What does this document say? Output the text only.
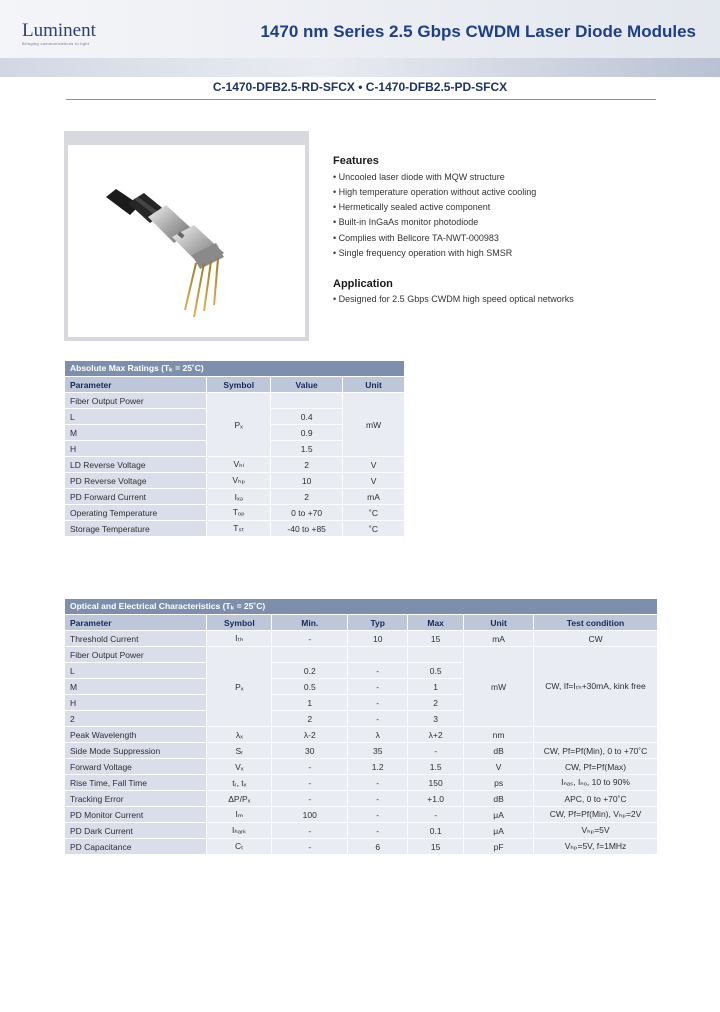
Luminent
Bringing communications to light
1470 nm Series 2.5 Gbps CWDM Laser Diode Modules
C-1470-DFB2.5-RD-SFCX • C-1470-DFB2.5-PD-SFCX
Features
• Uncooled laser diode with MQW structure
• High temperature operation without active cooling
• Hermetically sealed active component
• Built-in InGaAs monitor photodiode
• Complies with Bellcore TA-NWT-000983
• Single frequency operation with high SMSR
Application
• Designed for 2.5 Gbps CWDM high speed optical networks
Absolute Max Ratings (Tₖ = 25˚C)			
Parameter	Symbol	Value	Unit
Fiber Output Power	Pₓ		mW
L		0.4	
M		0.9	
H		1.5	
LD Reverse Voltage	Vₕₗ	2	V
PD Reverse Voltage	Vₕₚ	10	V
PD Forward Current	Iₓₔ	2	mA
Operating Temperature	Tₒₚ	0 to +70	˚C
Storage Temperature	Tₛₜ	-40 to +85	˚C
Optical and Electrical Characteristics (Tₖ = 25˚C)						
Parameter	Symbol	Min.	Typ	Max	Unit	Test condition
Threshold Current	Iₜₕ	-	10	15	mA	CW
Fiber Output Power	Pₓ				mW	CW, If=Iₜₕ+30mA, kink free
L		0.2	-	0.5		
M		0.5	-	1		
H		1	-	2		
2		2	-	3		
Peak Wavelength	λₓ	λ-2	λ	λ+2	nm	
Side Mode Suppression	Sᵣ	30	35	-	dB	CW, Pf=Pf(Min), 0 to +70˚C
Forward Voltage	Vₓ	-	1.2	1.5	V	CW, Pf=Pf(Max)
Rise Time, Fall Time	tᵣ, tₓ	-	-	150	ps	Iₙₐₛ, Iₙₒ, 10 to 90%
Tracking Error	ΔP/Pₓ	-	-	+1.0	dB	APC, 0 to +70˚C
PD Monitor Current	Iₘ	100	-	-	μA	CW, Pf=Pf(Min), Vₕₚ=2V
PD Dark Current	Iₕₐᵣₖ	-	-	0.1	μA	Vₕₚ=5V
PD Capacitance	Cₜ	-	6	15	pF	Vₕₚ=5V, f=1MHz
